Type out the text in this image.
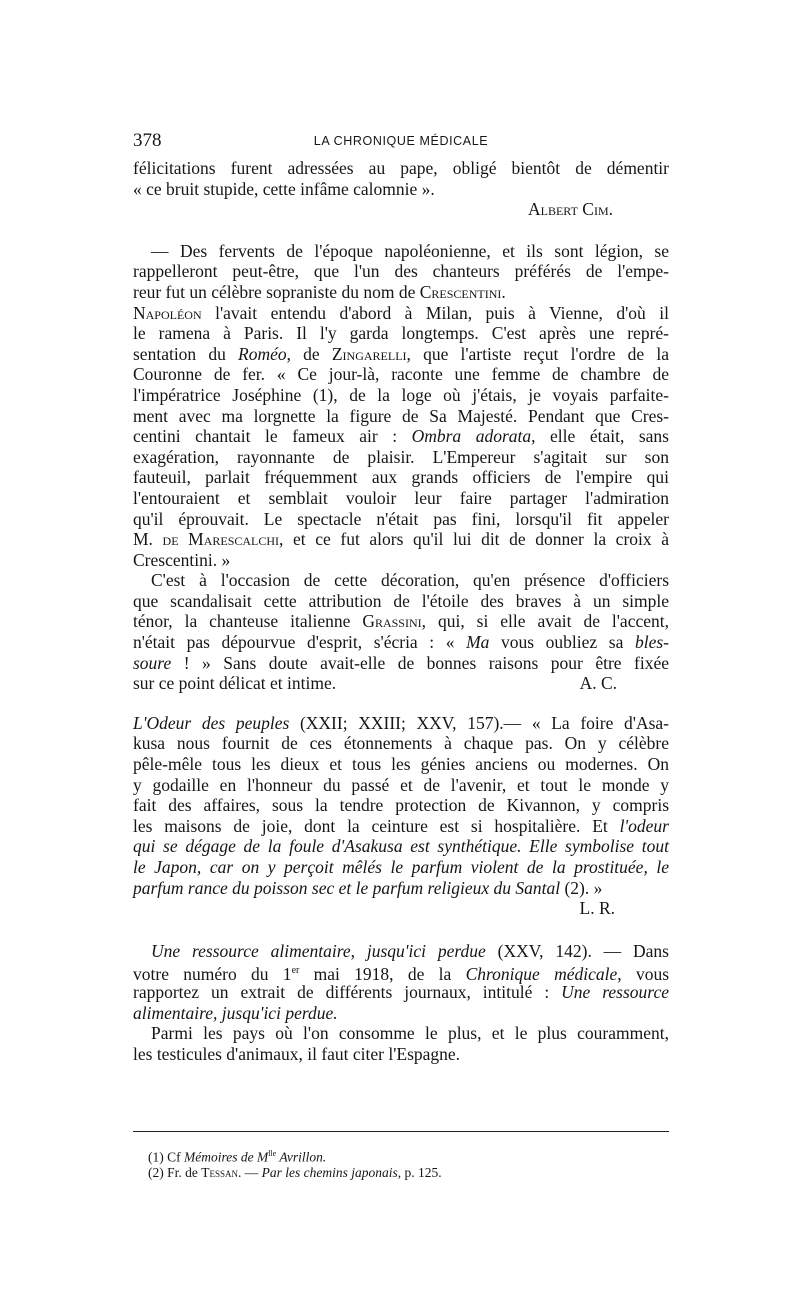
378	LA CHRONIQUE MÉDICALE
félicitations furent adressées au pape, obligé bientôt de démentir
« ce bruit stupide, cette infâme calomnie ».
Albert Cim.
— Des fervents de l'époque napoléonienne, et ils sont légion, se
rappelleront peut-être, que l'un des chanteurs préférés de l'empe-
reur fut un célèbre sopraniste du nom de Crescentini.
Napoléon l'avait entendu d'abord à Milan, puis à Vienne, d'où il
le ramena à Paris. Il l'y garda longtemps. C'est après une repré-
sentation du Roméo, de Zingarelli, que l'artiste reçut l'ordre de la
Couronne de fer. « Ce jour-là, raconte une femme de chambre de
l'impératrice Joséphine (1), de la loge où j'étais, je voyais parfaite-
ment avec ma lorgnette la figure de Sa Majesté. Pendant que Cres-
centini chantait le fameux air : Ombra adorata, elle était, sans
exagération, rayonnante de plaisir. L'Empereur s'agitait sur son
fauteuil, parlait fréquemment aux grands officiers de l'empire qui
l'entouraient et semblait vouloir leur faire partager l'admiration
qu'il éprouvait. Le spectacle n'était pas fini, lorsqu'il fit appeler
M. de Marescalchi, et ce fut alors qu'il lui dit de donner la croix à
Crescentini. »
C'est à l'occasion de cette décoration, qu'en présence d'officiers
que scandalisait cette attribution de l'étoile des braves à un simple
ténor, la chanteuse italienne Grassini, qui, si elle avait de l'accent,
n'était pas dépourvue d'esprit, s'écria : « Ma vous oubliez sa bles-
soure ! » Sans doute avait-elle de bonnes raisons pour être fixée
sur ce point délicat et intime.	A. C.
L'Odeur des peuples (XXII; XXIII; XXV, 157).— « La foire d'Asa-
kusa nous fournit de ces étonnements à chaque pas. On y célèbre
pêle-mêle tous les dieux et tous les génies anciens ou modernes. On
y godaille en l'honneur du passé et de l'avenir, et tout le monde y
fait des affaires, sous la tendre protection de Kivannon, y compris
les maisons de joie, dont la ceinture est si hospitalière. Et l'odeur
qui se dégage de la foule d'Asakusa est synthétique. Elle symbolise tout
le Japon, car on y perçoit mêlés le parfum violent de la prostituée, le
parfum rance du poisson sec et le parfum religieux du Santal (2). »
L. R.
Une ressource alimentaire, jusqu'ici perdue (XXV, 142). — Dans
votre numéro du 1er mai 1918, de la Chronique médicale, vous
rapportez un extrait de différents journaux, intitulé : Une ressource
alimentaire, jusqu'ici perdue.
Parmi les pays où l'on consomme le plus, et le plus couramment,
les testicules d'animaux, il faut citer l'Espagne.
(1) Cf Mémoires de $M^{lle}$ Avrillon.
(2) Fr. de Tessan. — Par les chemins japonais, p. 125.
